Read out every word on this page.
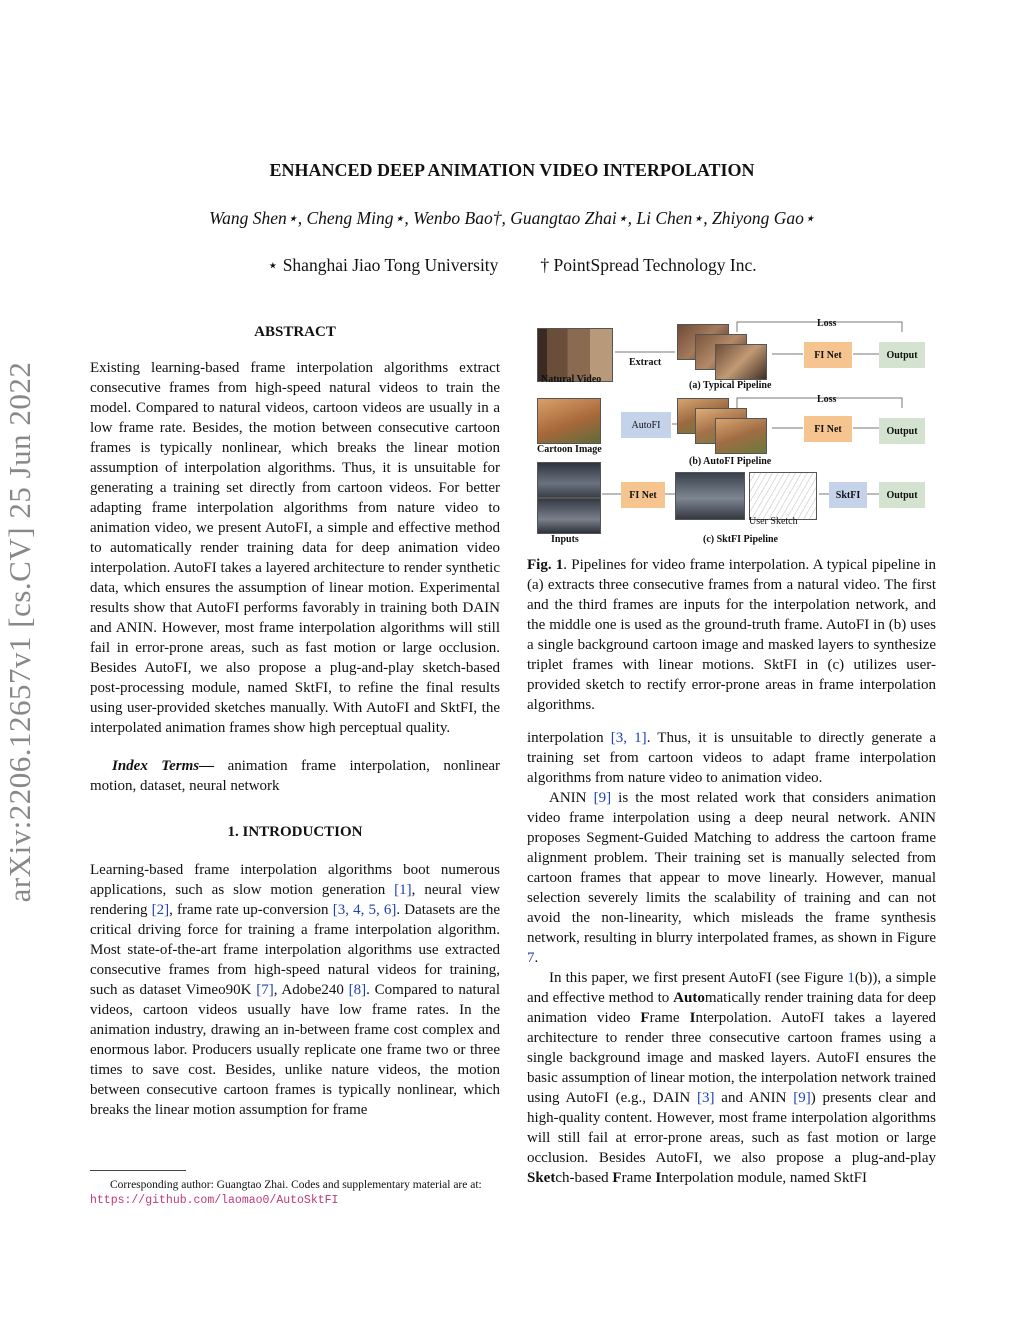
arXiv:2206.12657v1 [cs.CV] 25 Jun 2022
ENHANCED DEEP ANIMATION VIDEO INTERPOLATION
Wang Shen⋆, Cheng Ming⋆, Wenbo Bao†, Guangtao Zhai⋆, Li Chen⋆, Zhiyong Gao⋆
⋆ Shanghai Jiao Tong University † PointSpread Technology Inc.
ABSTRACT

Existing learning-based frame interpolation algorithms extract consecutive frames from high-speed natural videos to train the model. Compared to natural videos, cartoon videos are usually in a low frame rate. Besides, the motion between consecutive cartoon frames is typically nonlinear, which breaks the linear motion assumption of interpolation algorithms. Thus, it is unsuitable for generating a training set directly from cartoon videos. For better adapting frame interpolation algorithms from nature video to animation video, we present AutoFI, a simple and effective method to automatically render training data for deep animation video interpolation. AutoFI takes a layered architecture to render synthetic data, which ensures the assumption of linear motion. Experimental results show that AutoFI performs favorably in training both DAIN and ANIN. However, most frame interpolation algorithms will still fail in error-prone areas, such as fast motion or large occlusion. Besides AutoFI, we also propose a plug-and-play sketch-based post-processing module, named SktFI, to refine the final results using user-provided sketches manually. With AutoFI and SktFI, the interpolated animation frames show high perceptual quality.

Index Terms— animation frame interpolation, nonlinear motion, dataset, neural network

1. INTRODUCTION

Learning-based frame interpolation algorithms boot numerous applications, such as slow motion generation [1], neural view rendering [2], frame rate up-conversion [3, 4, 5, 6]. Datasets are the critical driving force for training a frame interpolation algorithm. Most state-of-the-art frame interpolation algorithms use extracted consecutive frames from high-speed natural videos for training, such as dataset Vimeo90K [7], Adobe240 [8]. Compared to natural videos, cartoon videos usually have low frame rates. In the animation industry, drawing an in-between frame cost complex and enormous labor. Producers usually replicate one frame two or three times to save cost. Besides, unlike nature videos, the motion between consecutive cartoon frames is typically nonlinear, which breaks the linear motion assumption for frame

Corresponding author: Guangtao Zhai. Codes and supplementary material are at: https://github.com/laomao0/AutoSktFI
Natural Video
Extract
Loss
FI Net	Output
(a) Typical Pipeline
Cartoon Image
AutoFI
Loss
FI Net	Output
(b) AutoFI Pipeline
Inputs
FI Net
User Sketch
SktFI	Output
(c) SktFI Pipeline
Fig. 1. Pipelines for video frame interpolation. A typical pipeline in (a) extracts three consecutive frames from a natural video. The first and the third frames are inputs for the interpolation network, and the middle one is used as the ground-truth frame. AutoFI in (b) uses a single background cartoon image and masked layers to synthesize triplet frames with linear motions. SktFI in (c) utilizes user-provided sketch to rectify error-prone areas in frame interpolation algorithms.

interpolation [3, 1]. Thus, it is unsuitable to directly generate a training set from cartoon videos to adapt frame interpolation algorithms from nature video to animation video.

ANIN [9] is the most related work that considers animation video frame interpolation using a deep neural network. ANIN proposes Segment-Guided Matching to address the cartoon frame alignment problem. Their training set is manually selected from cartoon frames that appear to move linearly. However, manual selection severely limits the scalability of training and can not avoid the non-linearity, which misleads the frame synthesis network, resulting in blurry interpolated frames, as shown in Figure 7.

In this paper, we first present AutoFI (see Figure 1(b)), a simple and effective method to Automatically render training data for deep animation video Frame Interpolation. AutoFI takes a layered architecture to render three consecutive cartoon frames using a single background image and masked layers. AutoFI ensures the basic assumption of linear motion, the interpolation network trained using AutoFI (e.g., DAIN [3] and ANIN [9]) presents clear and high-quality content. However, most frame interpolation algorithms will still fail at error-prone areas, such as fast motion or large occlusion. Besides AutoFI, we also propose a plug-and-play Sketch-based Frame Interpolation module, named SktFI
